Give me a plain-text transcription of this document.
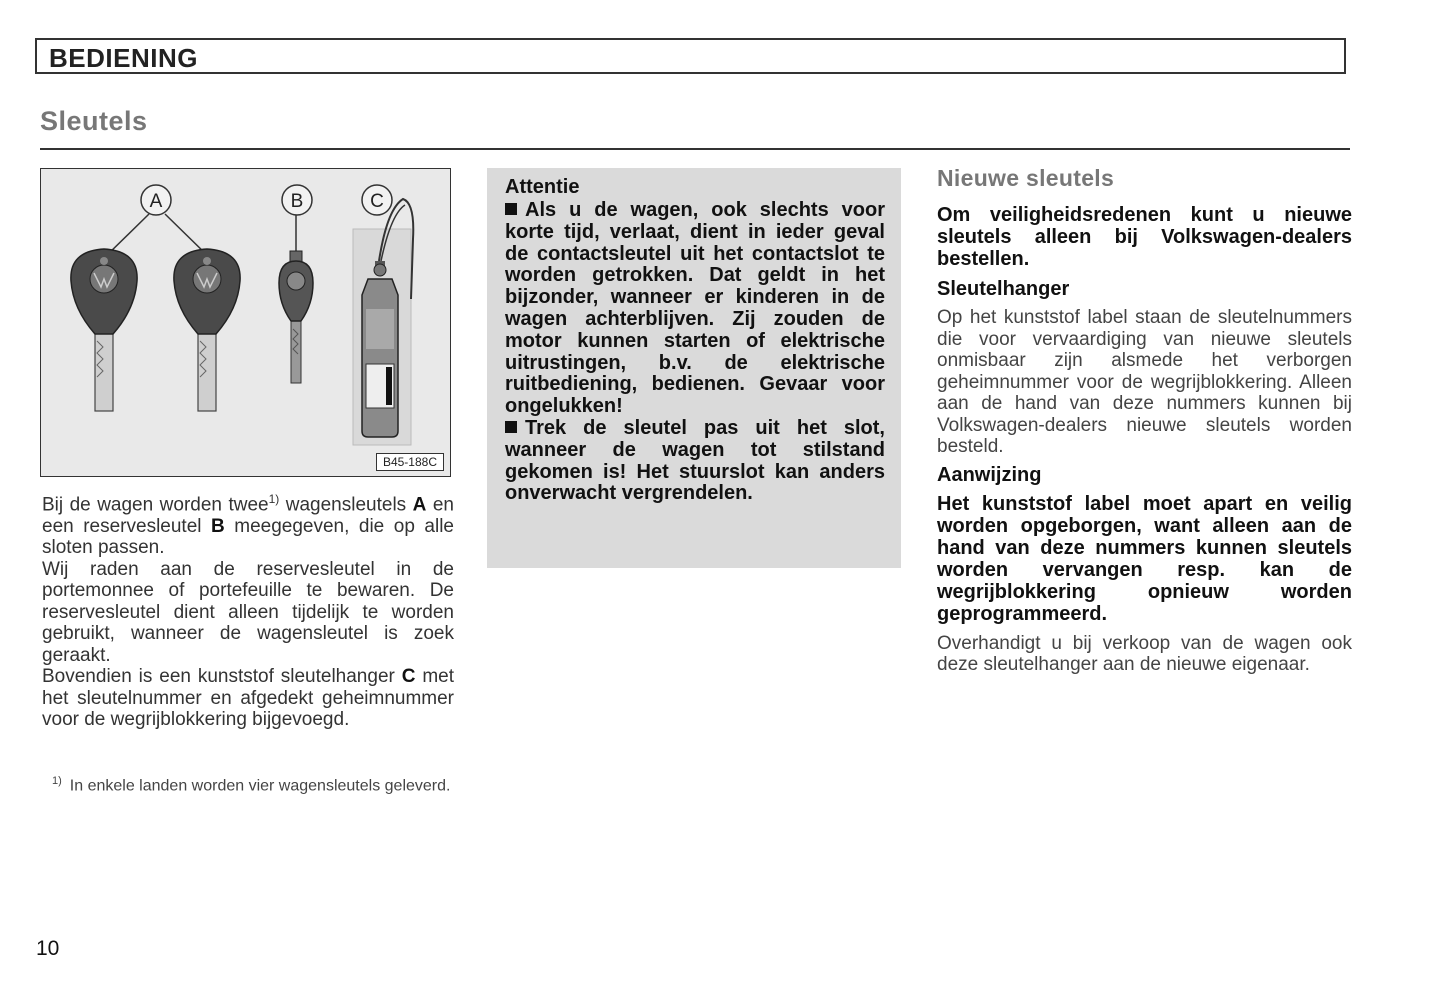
BEDIENING
Sleutels
A	B	C
B45-188C

Bij de wagen worden twee$^{1)}$ wagensleutels A en een reservesleutel B meegegeven, die op alle sloten passen.

Wij raden aan de reservesleutel in de portemonnee of portefeuille te bewaren. De reservesleutel dient alleen tijdelijk te worden gebruikt, wanneer de wagensleutel is zoek geraakt.

Bovendien is een kunststof sleutelhanger C met het sleutelnummer en afgedekt geheimnummer voor de wegrijblokkering bijgevoegd.

$^{1)}$ In enkele landen worden vier wagensleutels geleverd.
Attentie

Als u de wagen, ook slechts voor korte tijd, verlaat, dient in ieder geval de contactsleutel uit het contactslot te worden getrokken. Dat geldt in het bijzonder, wanneer er kinderen in de wagen achterblijven. Zij zouden de motor kunnen starten of elektrische uitrustingen, b.v. de elektrische ruitbediening, bedienen. Gevaar voor ongelukken!

Trek de sleutel pas uit het slot, wanneer de wagen tot stilstand gekomen is! Het stuurslot kan anders onverwacht vergrendelen.

Nieuwe sleutels
Om veiligheidsredenen kunt u nieuwe sleutels alleen bij Volkswagen-dealers bestellen.
Sleutelhanger
Op het kunststof label staan de sleutelnummers die voor vervaardiging van nieuwe sleutels onmisbaar zijn alsmede het verborgen geheimnummer voor de wegrijblokkering. Alleen aan de hand van deze nummers kunnen bij Volkswagen-dealers nieuwe sleutels worden besteld.
Aanwijzing
Het kunststof label moet apart en veilig worden opgeborgen, want alleen aan de hand van deze nummers kunnen sleutels worden vervangen resp. kan de wegrijblokkering opnieuw worden geprogrammeerd.
Overhandigt u bij verkoop van de wagen ook deze sleutelhanger aan de nieuwe eigenaar.
10
